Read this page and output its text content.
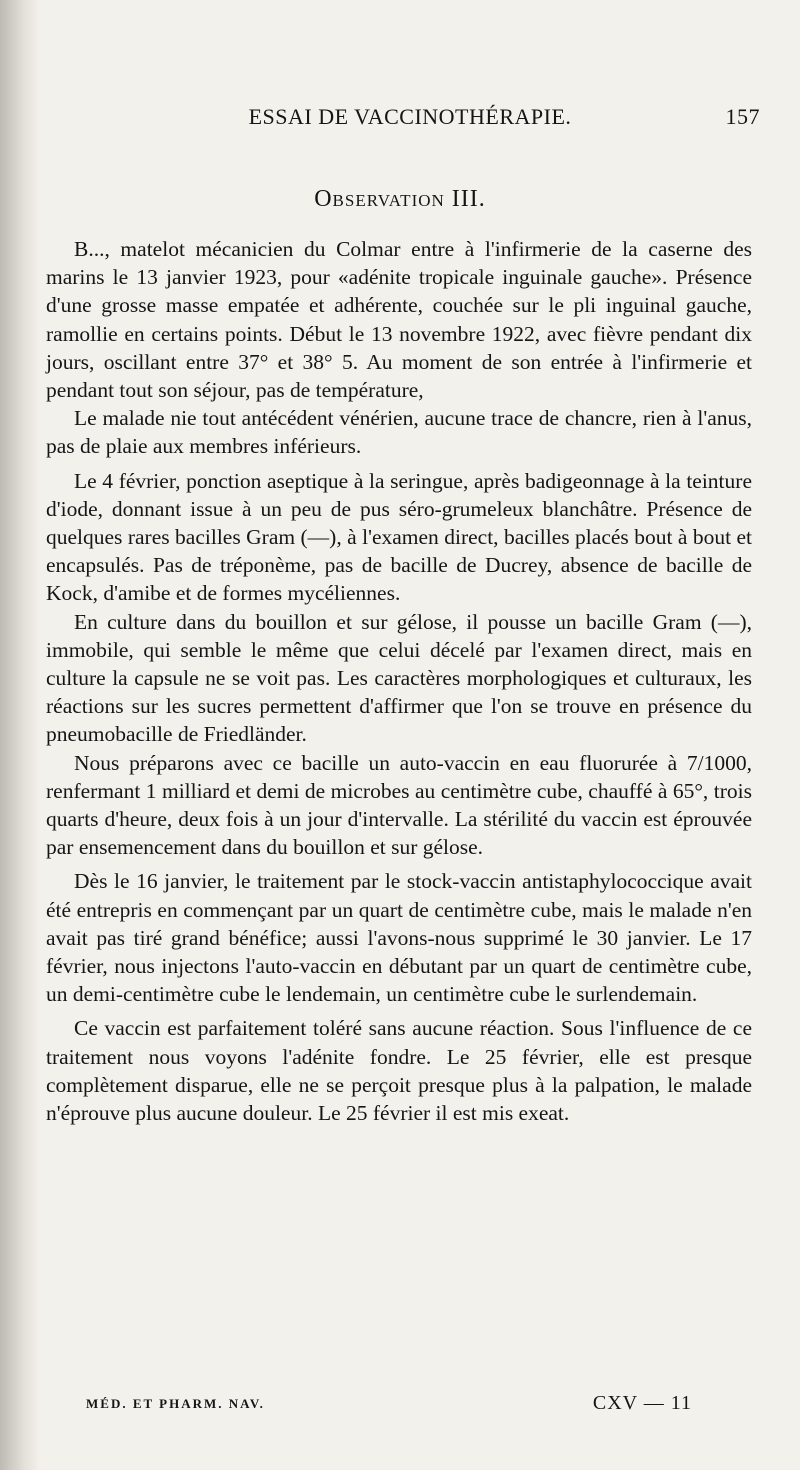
ESSAI DE VACCINOTHÉRAPIE.	157
Observation III.

B..., matelot mécanicien du Colmar entre à l'infirmerie de la caserne des marins le 13 janvier 1923, pour «adénite tropicale inguinale gauche». Présence d'une grosse masse empatée et adhérente, couchée sur le pli inguinal gauche, ramollie en certains points. Début le 13 novembre 1922, avec fièvre pendant dix jours, oscillant entre 37° et 38° 5. Au moment de son entrée à l'infirmerie et pendant tout son séjour, pas de température,

Le malade nie tout antécédent vénérien, aucune trace de chancre, rien à l'anus, pas de plaie aux membres inférieurs.

Le 4 février, ponction aseptique à la seringue, après badigeonnage à la teinture d'iode, donnant issue à un peu de pus séro-grumeleux blanchâtre. Présence de quelques rares bacilles Gram (—), à l'examen direct, bacilles placés bout à bout et encapsulés. Pas de tréponème, pas de bacille de Ducrey, absence de bacille de Kock, d'amibe et de formes mycéliennes.

En culture dans du bouillon et sur gélose, il pousse un bacille Gram (—), immobile, qui semble le même que celui décelé par l'examen direct, mais en culture la capsule ne se voit pas. Les caractères morphologiques et culturaux, les réactions sur les sucres permettent d'affirmer que l'on se trouve en présence du pneumobacille de Friedländer.

Nous préparons avec ce bacille un auto-vaccin en eau fluorurée à 7/1000, renfermant 1 milliard et demi de microbes au centimètre cube, chauffé à 65°, trois quarts d'heure, deux fois à un jour d'intervalle. La stérilité du vaccin est éprouvée par ensemencement dans du bouillon et sur gélose.

Dès le 16 janvier, le traitement par le stock-vaccin antistaphylococcique avait été entrepris en commençant par un quart de centimètre cube, mais le malade n'en avait pas tiré grand bénéfice; aussi l'avons-nous supprimé le 30 janvier. Le 17 février, nous injectons l'auto-vaccin en débutant par un quart de centimètre cube, un demi-centimètre cube le lendemain, un centimètre cube le surlendemain.

Ce vaccin est parfaitement toléré sans aucune réaction. Sous l'influence de ce traitement nous voyons l'adénite fondre. Le 25 février, elle est presque complètement disparue, elle ne se perçoit presque plus à la palpation, le malade n'éprouve plus aucune douleur. Le 25 février il est mis exeat.

MÉD. ET PHARM. NAV.	CXV — 11
